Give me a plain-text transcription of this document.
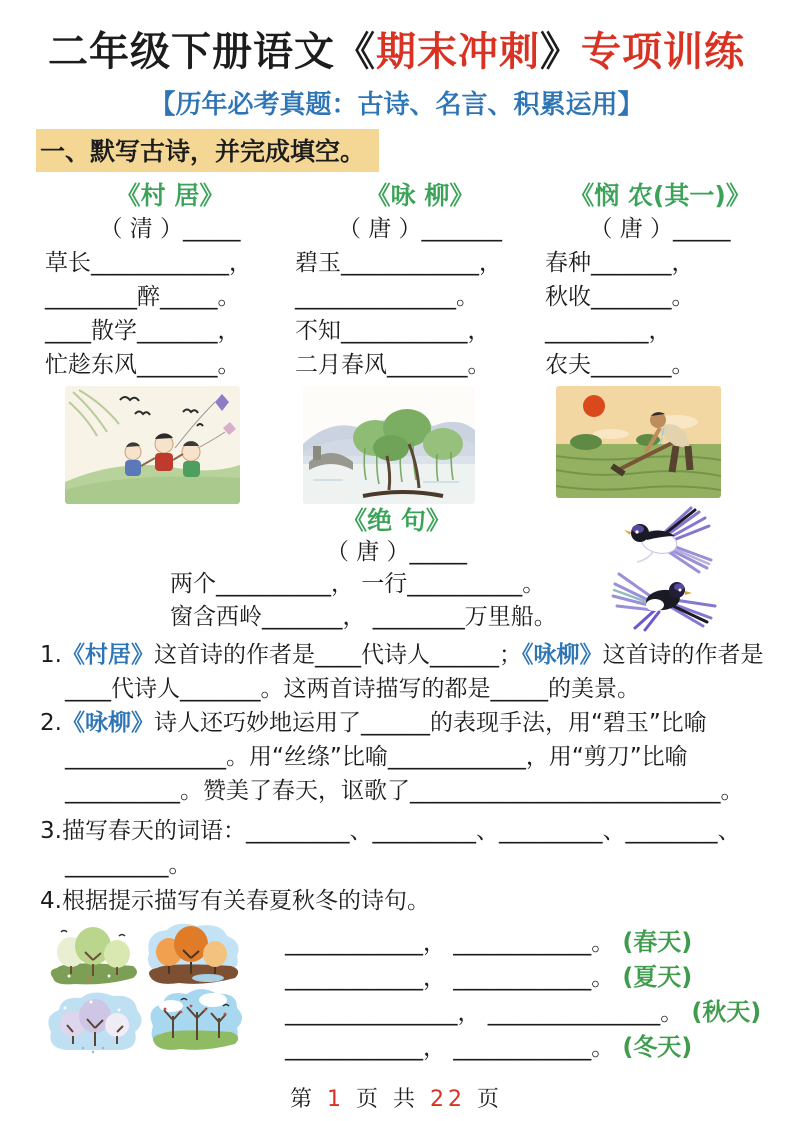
二年级下册语文《期末冲刺》专项训练
【历年必考真题：古诗、名言、积累运用】
一、默写古诗，并完成填空。
《村 居》
（ 清 ）_____
草长____________，
________醉_____。
____散学_______，
忙趁东风_______。
《咏 柳》
（ 唐 ）_______
碧玉____________，
______________。
不知___________，
二月春风_______。
《悯 农(其一)》
（ 唐 ）_____
春种_______，
秋收_______。
_________，
农夫_______。
《绝 句》
（ 唐 ）_____
两个__________， 一行__________。
窗含西岭_______， ________万里船。

1.《村居》这首诗的作者是____代诗人______；《咏柳》这首诗的作者是____代诗人_______。这两首诗描写的都是_____的美景。

2.《咏柳》诗人还巧妙地运用了______的表现手法，用“碧玉”比喻______________。用“丝绦”比喻____________，用“剪刀”比喻__________。赞美了春天，讴歌了___________________________。

3.描写春天的词语：_________、_________、_________、________、_________。

4.根据提示描写有关春夏秋冬的诗句。

____________， ____________。 (春天)
____________， ____________。 (夏天)
_______________， _______________。 (秋天)
____________， ____________。 (冬天)
第 1 页 共 22 页
